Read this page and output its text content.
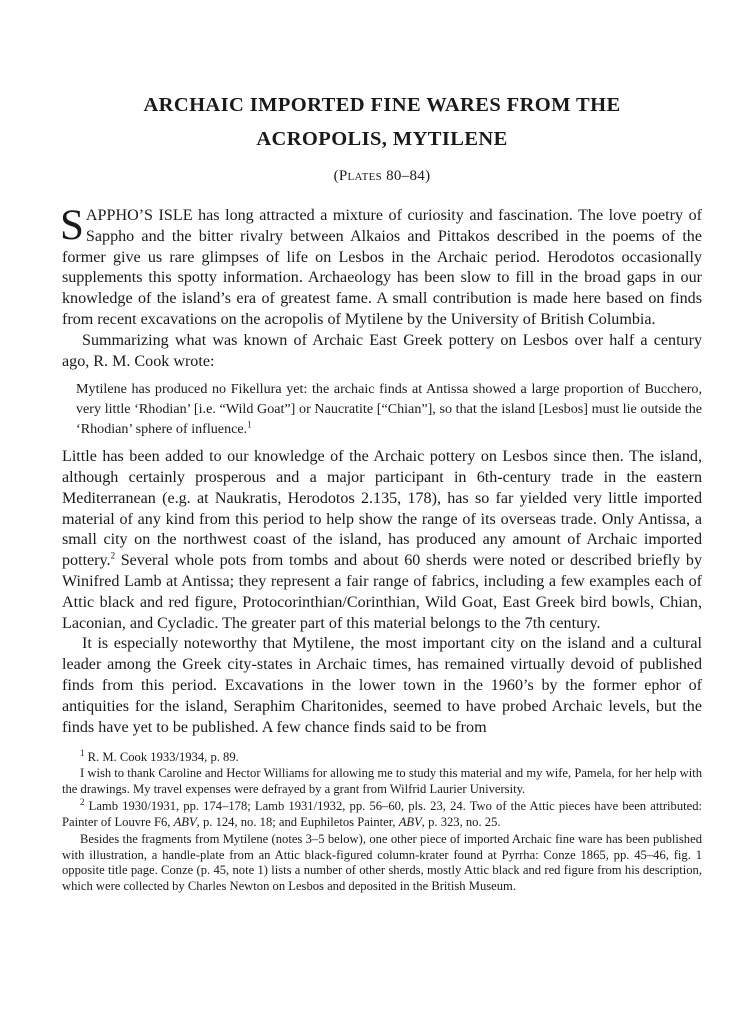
ARCHAIC IMPORTED FINE WARES FROM THE
ACROPOLIS, MYTILENE

(Plates 80–84)

SAPPHO’S ISLE has long attracted a mixture of curiosity and fascination. The love poetry of Sappho and the bitter rivalry between Alkaios and Pittakos described in the poems of the former give us rare glimpses of life on Lesbos in the Archaic period. Herodotos occasionally supplements this spotty information. Archaeology has been slow to fill in the broad gaps in our knowledge of the island’s era of greatest fame. A small contribution is made here based on finds from recent excavations on the acropolis of Mytilene by the University of British Columbia.

Summarizing what was known of Archaic East Greek pottery on Lesbos over half a century ago, R. M. Cook wrote:

Mytilene has produced no Fikellura yet: the archaic finds at Antissa showed a large proportion of Bucchero, very little ‘Rhodian’ [i.e. “Wild Goat”] or Naucratite [“Chian”], so that the island [Lesbos] must lie outside the ‘Rhodian’ sphere of influence.$^1$

Little has been added to our knowledge of the Archaic pottery on Lesbos since then. The island, although certainly prosperous and a major participant in 6th-century trade in the eastern Mediterranean (e.g. at Naukratis, Herodotos 2.135, 178), has so far yielded very little imported material of any kind from this period to help show the range of its overseas trade. Only Antissa, a small city on the northwest coast of the island, has produced any amount of Archaic imported pottery.$^2$ Several whole pots from tombs and about 60 sherds were noted or described briefly by Winifred Lamb at Antissa; they represent a fair range of fabrics, including a few examples each of Attic black and red figure, Protocorinthian/Corinthian, Wild Goat, East Greek bird bowls, Chian, Laconian, and Cycladic. The greater part of this material belongs to the 7th century.

It is especially noteworthy that Mytilene, the most important city on the island and a cultural leader among the Greek city-states in Archaic times, has remained virtually devoid of published finds from this period. Excavations in the lower town in the 1960’s by the former ephor of antiquities for the island, Seraphim Charitonides, seemed to have probed Archaic levels, but the finds have yet to be published. A few chance finds said to be from

$^1$ R. M. Cook 1933/1934, p. 89.

I wish to thank Caroline and Hector Williams for allowing me to study this material and my wife, Pamela, for her help with the drawings. My travel expenses were defrayed by a grant from Wilfrid Laurier University.

$^2$ Lamb 1930/1931, pp. 174–178; Lamb 1931/1932, pp. 56–60, pls. 23, 24. Two of the Attic pieces have been attributed: Painter of Louvre F6, ABV, p. 124, no. 18; and Euphiletos Painter, ABV, p. 323, no. 25.

Besides the fragments from Mytilene (notes 3–5 below), one other piece of imported Archaic fine ware has been published with illustration, a handle-plate from an Attic black-figured column-krater found at Pyrrha: Conze 1865, pp. 45–46, fig. 1 opposite title page. Conze (p. 45, note 1) lists a number of other sherds, mostly Attic black and red figure from his description, which were collected by Charles Newton on Lesbos and deposited in the British Museum.
